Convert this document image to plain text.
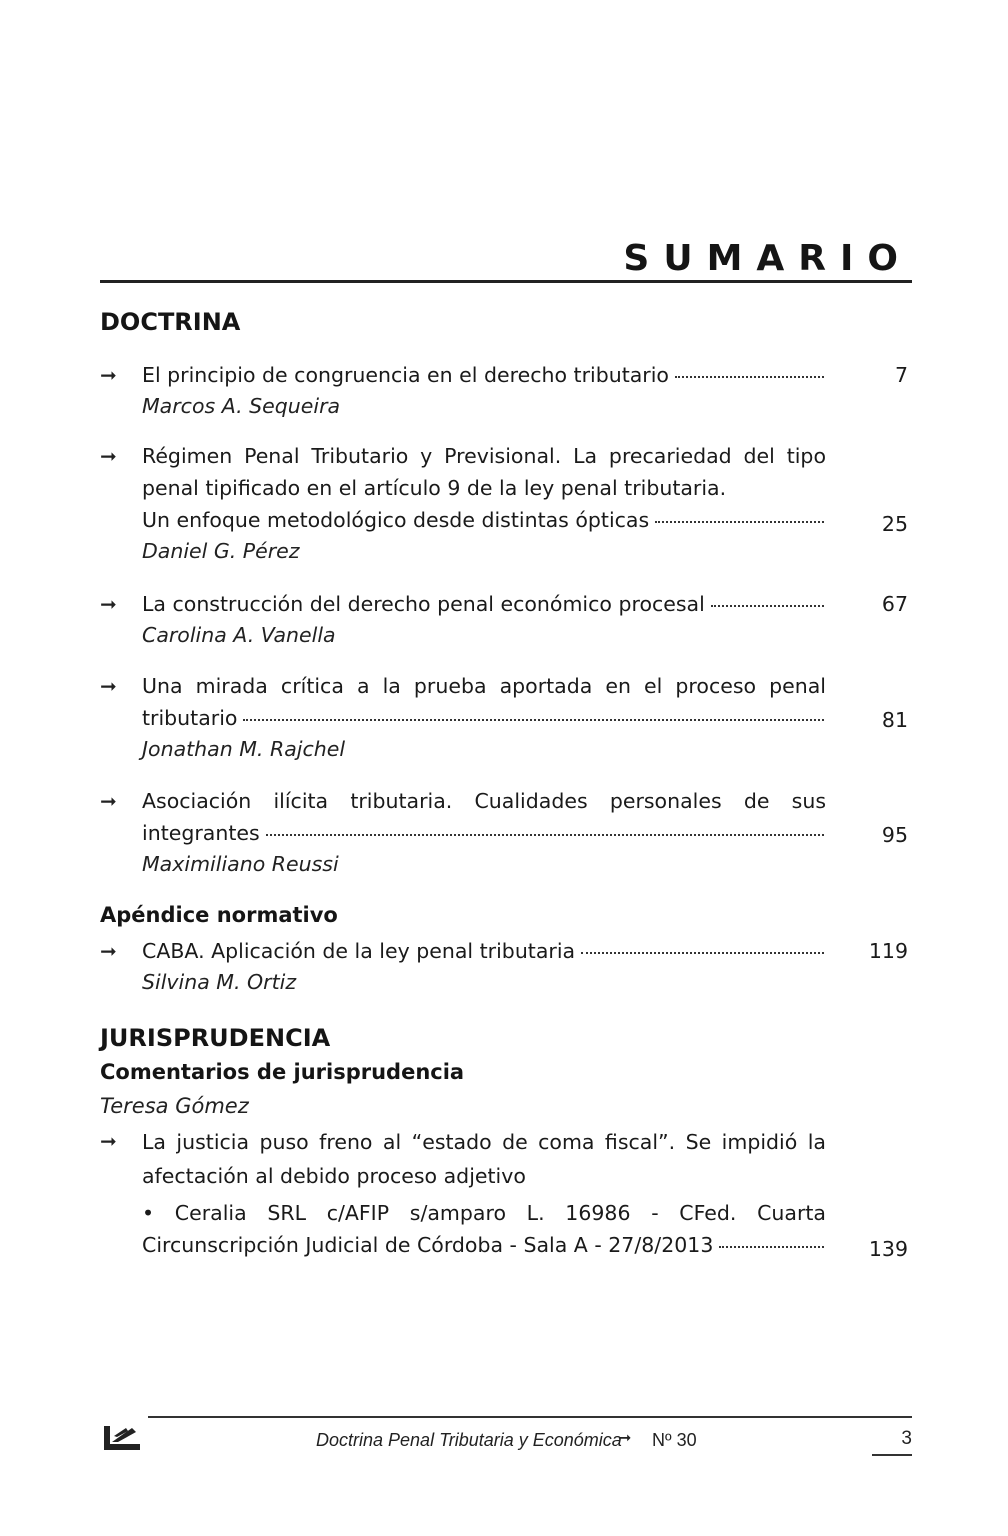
SUMARIO
DOCTRINA
➞ El principio de congruencia en el derecho tributario
Marcos A. Sequeira
7
➞ Régimen Penal Tributario y Previsional. La precariedad del tipo penal tipificado en el artículo 9 de la ley penal tributaria.
Un enfoque metodológico desde distintas ópticas
Daniel G. Pérez
25
➞ La construcción del derecho penal económico procesal
Carolina A. Vanella
67
➞ Una mirada crítica a la prueba aportada en el proceso penal
tributario
Jonathan M. Rajchel
81
➞ Asociación ilícita tributaria. Cualidades personales de sus
integrantes
Maximiliano Reussi
95
Apéndice normativo
➞ CABA. Aplicación de la ley penal tributaria
Silvina M. Ortiz
119
JURISPRUDENCIA
Comentarios de jurisprudencia
Teresa Gómez
➞ La justicia puso freno al “estado de coma fiscal”. Se impidió la afectación al debido proceso adjetivo
• Ceralia SRL c/AFIP s/amparo L. 16986 - CFed. Cuarta
Circunscripción Judicial de Córdoba - Sala A - 27/8/2013	139
Doctrina Penal Tributaria y Económica
➞ Nº 30	3
